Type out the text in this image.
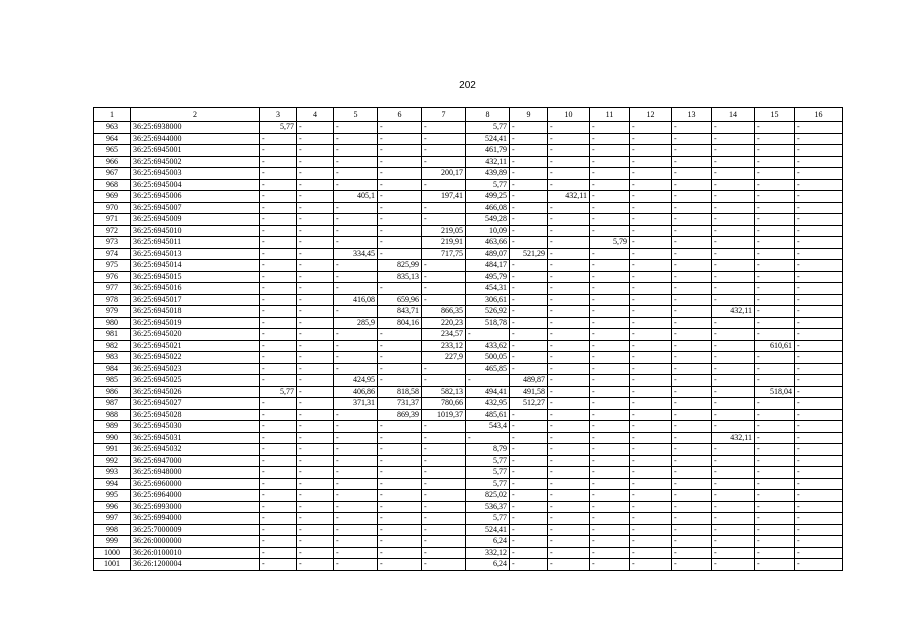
202
1	2	3	4	5	6	7	8	9	10	11	12	13	14	15	16
963	36:25:6938000	5,77	-	-	-	-	5,77	-	-	-	-	-	-	-	-
964	36:25:6944000	-	-	-	-	-	524,41	-	-	-	-	-	-	-	-
965	36:25:6945001	-	-	-	-	-	461,79	-	-	-	-	-	-	-	-
966	36:25:6945002	-	-	-	-	-	432,11	-	-	-	-	-	-	-	-
967	36:25:6945003	-	-	-	-	200,17	439,89	-	-	-	-	-	-	-	-
968	36:25:6945004	-	-	-	-	-	5,77	-	-	-	-	-	-	-	-
969	36:25:6945006	-	-	405,1	-	197,41	499,25	-	432,11	-	-	-	-	-	-
970	36:25:6945007	-	-	-	-	-	466,08	-	-	-	-	-	-	-	-
971	36:25:6945009	-	-	-	-	-	549,28	-	-	-	-	-	-	-	-
972	36:25:6945010	-	-	-	-	219,05	10,09	-	-	-	-	-	-	-	-
973	36:25:6945011	-	-	-	-	219,91	463,66	-	-	5,79	-	-	-	-	-
974	36:25:6945013	-	-	334,45	-	717,75	489,07	521,29	-	-	-	-	-	-	-
975	36:25:6945014	-	-	-	825,99	-	484,17	-	-	-	-	-	-	-	-
976	36:25:6945015	-	-	-	835,13	-	495,79	-	-	-	-	-	-	-	-
977	36:25:6945016	-	-	-	-	-	454,31	-	-	-	-	-	-	-	-
978	36:25:6945017	-	-	416,08	659,96	-	306,61	-	-	-	-	-	-	-	-
979	36:25:6945018	-	-	-	843,71	866,35	526,92	-	-	-	-	-	432,11	-	-
980	36:25:6945019	-	-	285,9	804,16	220,23	518,78	-	-	-	-	-	-	-	-
981	36:25:6945020	-	-	-	-	234,57	-	-	-	-	-	-	-	-	-
982	36:25:6945021	-	-	-	-	233,12	433,62	-	-	-	-	-	-	610,61	-
983	36:25:6945022	-	-	-	-	227,9	500,05	-	-	-	-	-	-	-	-
984	36:25:6945023	-	-	-	-	-	465,85	-	-	-	-	-	-	-	-
985	36:25:6945025	-	-	424,95	-	-	-	489,87	-	-	-	-	-	-	-
986	36:25:6945026	5,77	-	406,86	818,58	582,13	494,41	491,58	-	-	-	-	-	518,04	-
987	36:25:6945027	-	-	371,31	731,37	780,66	432,95	512,27	-	-	-	-	-	-	-
988	36:25:6945028	-	-	-	869,39	1019,37	485,61	-	-	-	-	-	-	-	-
989	36:25:6945030	-	-	-	-	-	543,4	-	-	-	-	-	-	-	-
990	36:25:6945031	-	-	-	-	-	-	-	-	-	-	-	432,11	-	-
991	36:25:6945032	-	-	-	-	-	8,79	-	-	-	-	-	-	-	-
992	36:25:6947000	-	-	-	-	-	5,77	-	-	-	-	-	-	-	-
993	36:25:6948000	-	-	-	-	-	5,77	-	-	-	-	-	-	-	-
994	36:25:6960000	-	-	-	-	-	5,77	-	-	-	-	-	-	-	-
995	36:25:6964000	-	-	-	-	-	825,02	-	-	-	-	-	-	-	-
996	36:25:6993000	-	-	-	-	-	536,37	-	-	-	-	-	-	-	-
997	36:25:6994000	-	-	-	-	-	5,77	-	-	-	-	-	-	-	-
998	36:25:7000009	-	-	-	-	-	524,41	-	-	-	-	-	-	-	-
999	36:26:0000000	-	-	-	-	-	6,24	-	-	-	-	-	-	-	-
1000	36:26:0100010	-	-	-	-	-	332,12	-	-	-	-	-	-	-	-
1001	36:26:1200004	-	-	-	-	-	6,24	-	-	-	-	-	-	-	-
